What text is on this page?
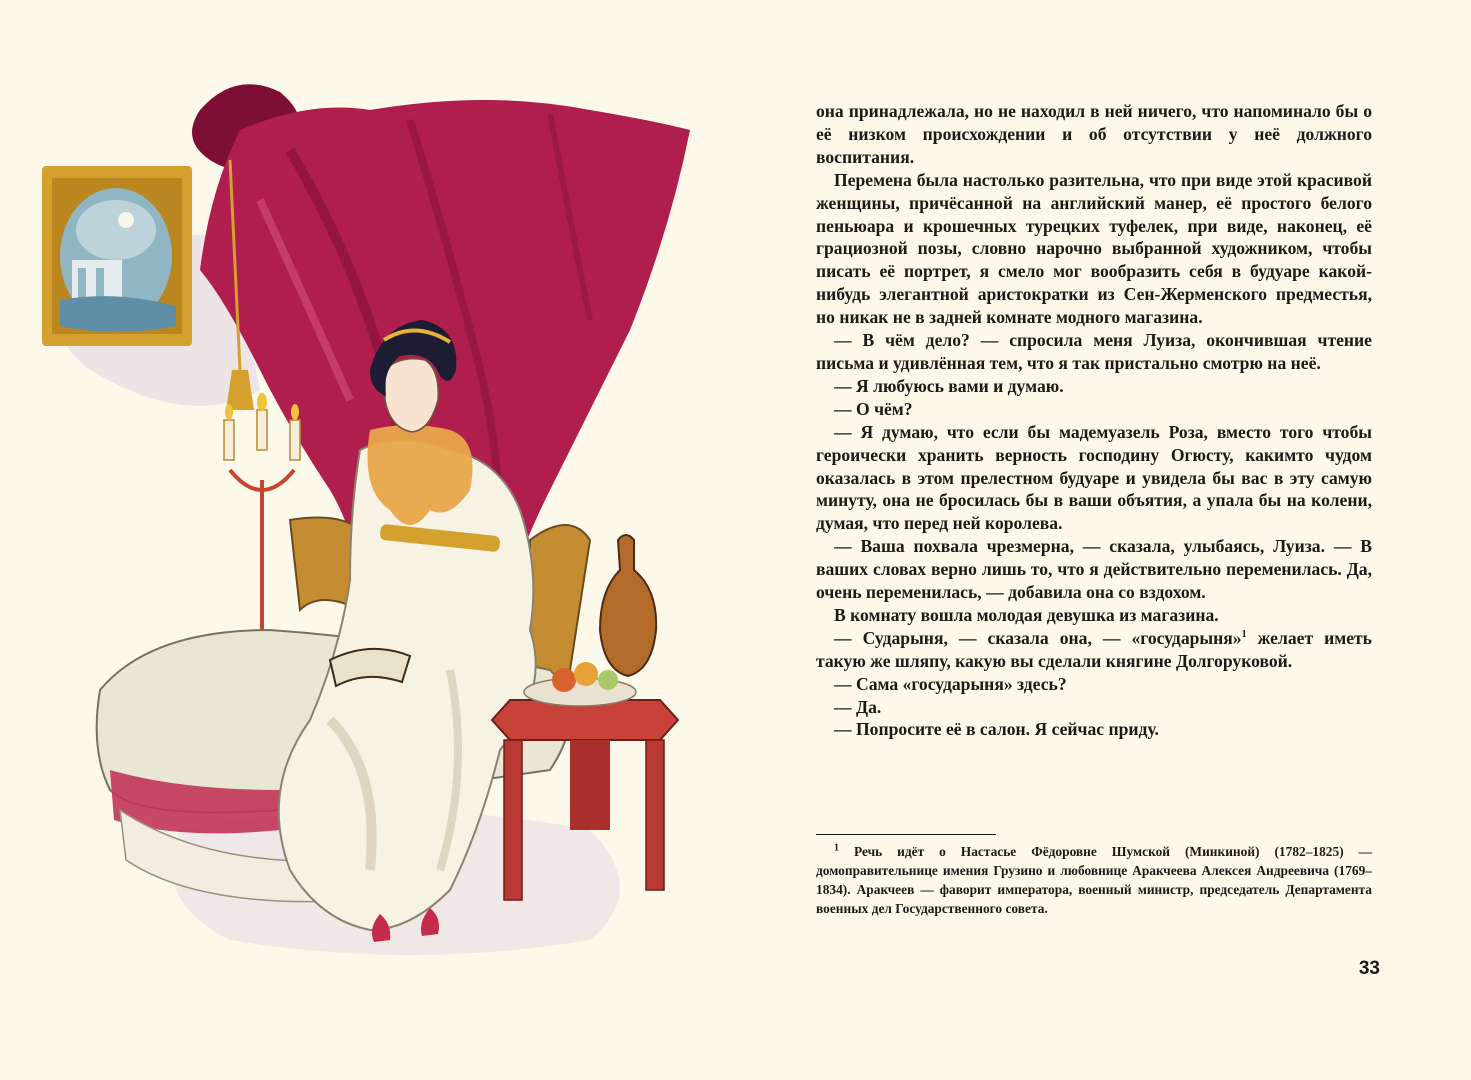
она принадлежала, но не находил в ней ничего, что напоминало бы о её низком происхождении и об отсутствии у неё должного воспитания.

Перемена была настолько разительна, что при виде этой красивой женщины, причёсанной на английский манер, её простого белого пеньюара и крошечных турецких туфелек, при виде, наконец, её грациозной позы, словно нарочно выбранной художником, чтобы писать её портрет, я смело мог вообразить себя в будуаре какой-нибудь элегантной аристократки из Сен-Жерменского предместья, но никак не в задней комнате модного магазина.

— В чём дело? — спросила меня Луиза, окончившая чтение письма и удивлённая тем, что я так пристально смотрю на неё.

— Я любуюсь вами и думаю.

— О чём?

— Я думаю, что если бы мадемуазель Роза, вместо того чтобы героически хранить верность господину Огюсту, какимто чудом оказалась в этом прелестном будуаре и увидела бы вас в эту самую минуту, она не бросилась бы в ваши объятия, а упала бы на колени, думая, что перед ней королева.

— Ваша похвала чрезмерна, — сказала, улыбаясь, Луиза. — В ваших словах верно лишь то, что я действительно переменилась. Да, очень переменилась, — добавила она со вздохом.

В комнату вошла молодая девушка из магазина.

— Сударыня, — сказала она, — «государыня»$^1$ желает иметь такую же шляпу, какую вы сделали княгине Долгоруковой.

— Сама «государыня» здесь?

— Да.

— Попросите её в салон. Я сейчас приду.

$^1$ Речь идёт о Настасье Фёдоровне Шумской (Минкиной) (1782–1825) — домоправительнице имения Грузино и любовнице Аракчеева Алексея Андреевича (1769–1834). Аракчеев — фаворит императора, военный министр, председатель Департамента военных дел Государственного совета.

33
